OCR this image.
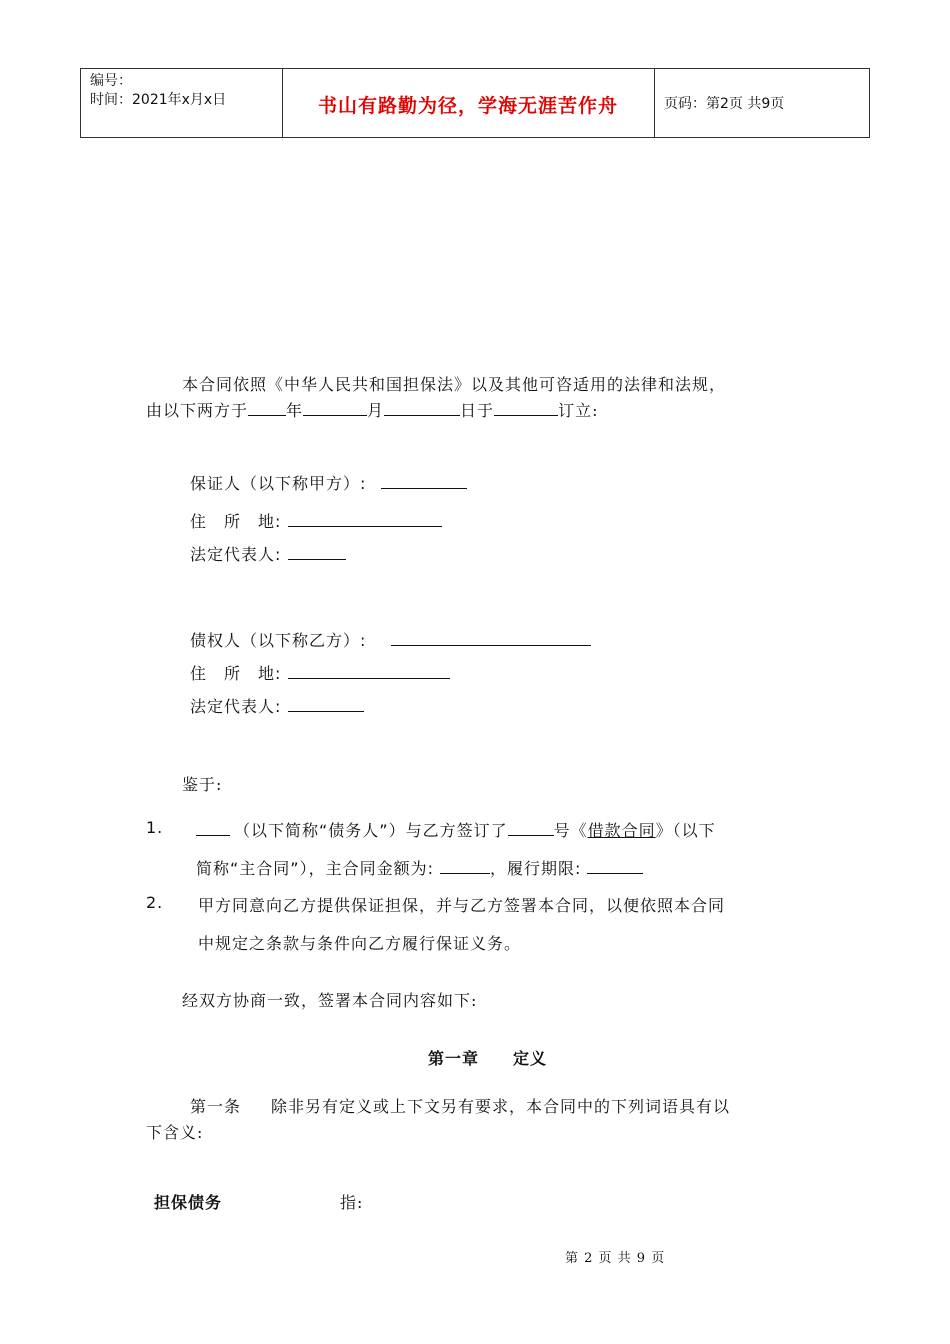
编号：
时间：2021年x月x日	书山有路勤为径，学海无涯苦作舟	页码：第2页 共9页
本合同依照《中华人民共和国担保法》以及其他可咨适用的法律和法规，
由以下两方于 年	月	日于	订立:
保证人（以下称甲方）:
住　所　地:
法定代表人:
债权人（以下称乙方）:
住　所　地:
法定代表人:
鉴于:
1.	（以下简称“债务人”）与乙方签订了	号《借款合同》（以下
简称“主合同”），主合同金额为:	，履行期限:
2. 甲方同意向乙方提供保证担保，并与乙方签署本合同，以便依照本合同
中规定之条款与条件向乙方履行保证义务。
经双方协商一致，签署本合同内容如下:
第一章 定义
第一条 除非另有定义或上下文另有要求，本合同中的下列词语具有以
下含义:
担保债务	指:
第 2 页 共 9 页
